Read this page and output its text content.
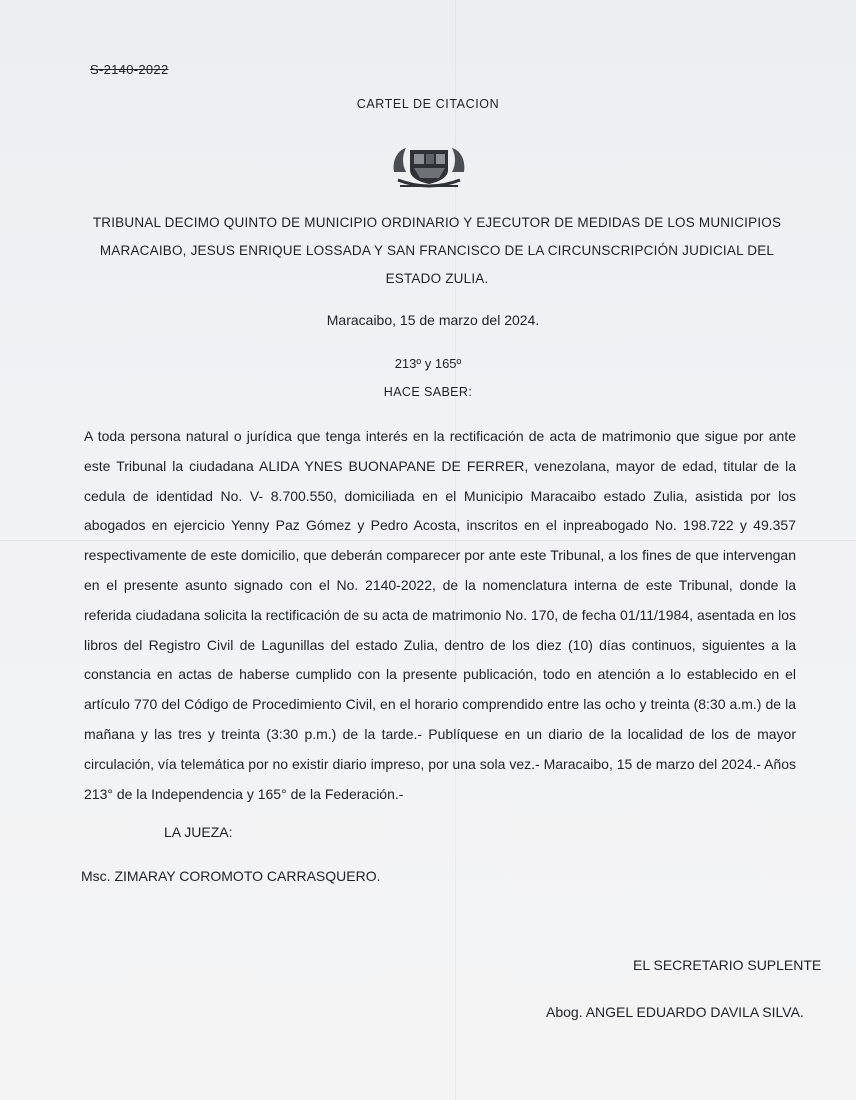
S-2140-2022
CARTEL DE CITACION
TRIBUNAL DECIMO QUINTO DE MUNICIPIO ORDINARIO Y EJECUTOR DE MEDIDAS DE LOS MUNICIPIOS MARACAIBO, JESUS ENRIQUE LOSSADA Y SAN FRANCISCO DE LA CIRCUNSCRIPCIÓN JUDICIAL DEL ESTADO ZULIA.
Maracaibo, 15 de marzo del 2024.
213º y 165º
HACE SABER:

A toda persona natural o jurídica que tenga interés en la rectificación de acta de matrimonio que sigue por ante este Tribunal la ciudadana ALIDA YNES BUONAPANE DE FERRER, venezolana, mayor de edad, titular de la cedula de identidad No. V- 8.700.550, domiciliada en el Municipio Maracaibo estado Zulia, asistida por los abogados en ejercicio Yenny Paz Gómez y Pedro Acosta, inscritos en el inpreabogado No. 198.722 y 49.357 respectivamente de este domicilio, que deberán comparecer por ante este Tribunal, a los fines de que intervengan en el presente asunto signado con el No. 2140-2022, de la nomenclatura interna de este Tribunal, donde la referida ciudadana solicita la rectificación de su acta de matrimonio No. 170, de fecha 01/11/1984, asentada en los libros del Registro Civil de Lagunillas del estado Zulia, dentro de los diez (10) días continuos, siguientes a la constancia en actas de haberse cumplido con la presente publicación, todo en atención a lo establecido en el artículo 770 del Código de Procedimiento Civil, en el horario comprendido entre las ocho y treinta (8:30 a.m.) de la mañana y las tres y treinta (3:30 p.m.) de la tarde.- Publíquese en un diario de la localidad de los de mayor circulación, vía telemática por no existir diario impreso, por una sola vez.- Maracaibo, 15 de marzo del 2024.- Años 213° de la Independencia y 165° de la Federación.-

LA JUEZA:
Msc. ZIMARAY COROMOTO CARRASQUERO.
EL SECRETARIO SUPLENTE
Abog. ANGEL EDUARDO DAVILA SILVA.
